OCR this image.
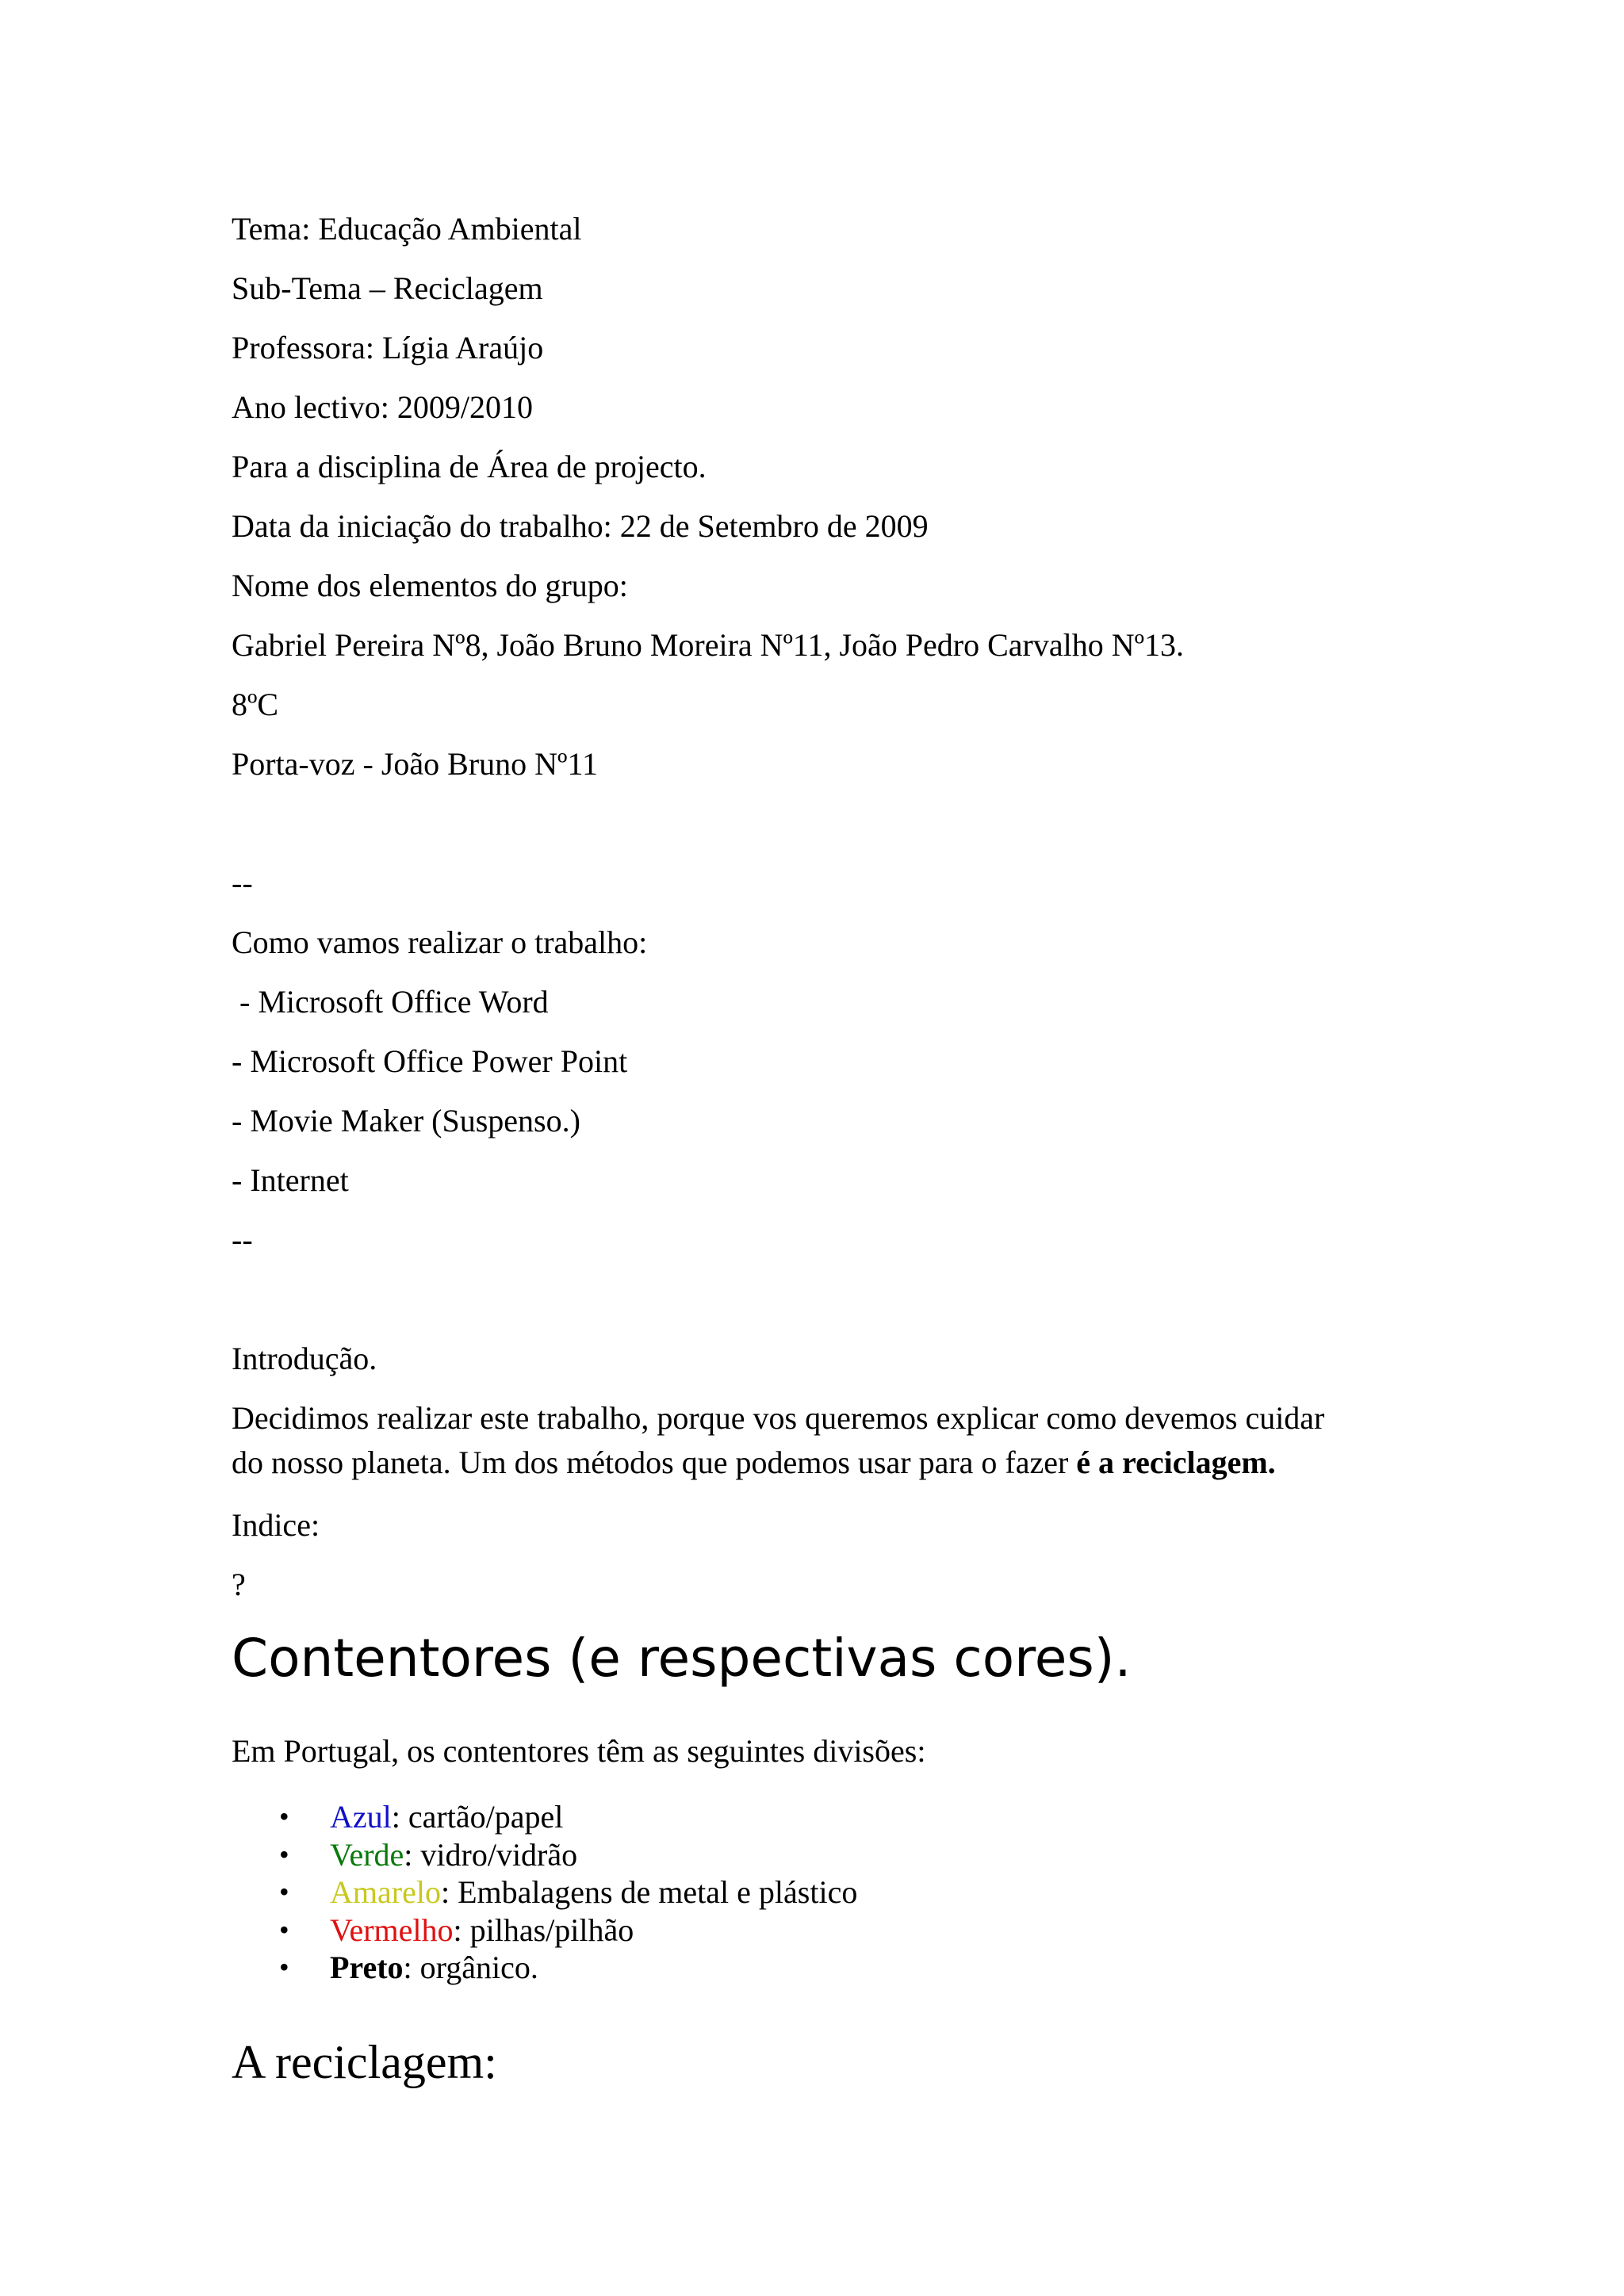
Tema: Educação Ambiental
Sub-Tema – Reciclagem
Professora: Lígia Araújo
Ano lectivo: 2009/2010
Para a disciplina de Área de projecto.
Data da iniciação do trabalho: 22 de Setembro de 2009
Nome dos elementos do grupo:
Gabriel Pereira Nº8, João Bruno Moreira Nº11, João Pedro Carvalho Nº13.
8ºC
Porta-voz - João Bruno Nº11
--
Como vamos realizar o trabalho:
- Microsoft Office Word
- Microsoft Office Power Point
- Movie Maker (Suspenso.)
- Internet
--
Introdução.
Decidimos realizar este trabalho, porque vos queremos explicar como devemos cuidar
do nosso planeta. Um dos métodos que podemos usar para o fazer é a reciclagem.
Indice:
?
Contentores (e respectivas cores).
Em Portugal, os contentores têm as seguintes divisões:
• Azul: cartão/papel
• Verde: vidro/vidrão
• Amarelo: Embalagens de metal e plástico
• Vermelho: pilhas/pilhão
• Preto: orgânico.
A reciclagem:
